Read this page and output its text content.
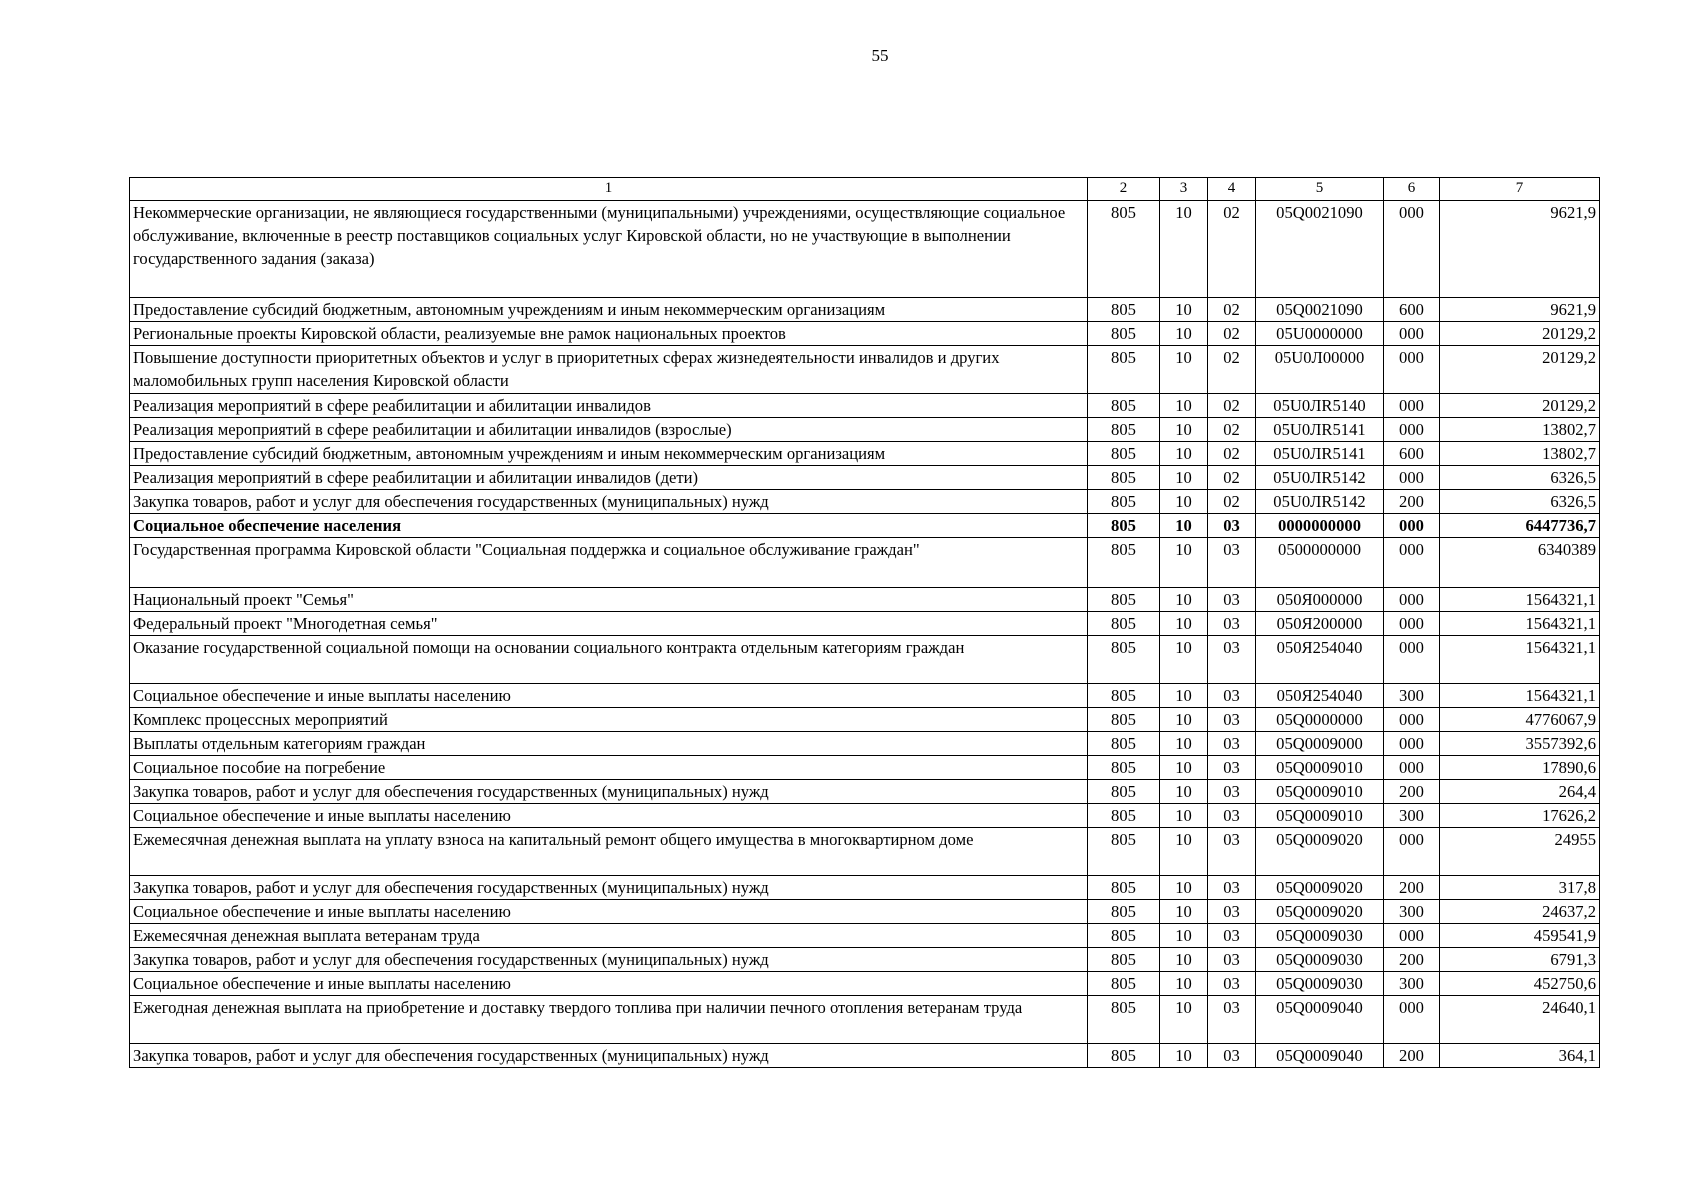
55
1	2	3	4	5	6	7
Некоммерческие организации, не являющиеся государственными (муниципальными) учреждениями, осуществляющие социальное обслуживание, включенные в реестр поставщиков социальных услуг Кировской области, но не участвующие в выполнении государственного задания (заказа)	805	10	02	05Q0021090	000	9621,9
Предоставление субсидий бюджетным, автономным учреждениям и иным некоммерческим организациям	805	10	02	05Q0021090	600	9621,9
Региональные проекты Кировской области, реализуемые вне рамок национальных проектов	805	10	02	05U0000000	000	20129,2
Повышение доступности приоритетных объектов и услуг в приоритетных сферах жизнедеятельности инвалидов и других маломобильных групп населения Кировской области	805	10	02	05U0Л00000	000	20129,2
Реализация мероприятий в сфере реабилитации и абилитации инвалидов	805	10	02	05U0ЛR5140	000	20129,2
Реализация мероприятий в сфере реабилитации и абилитации инвалидов (взрослые)	805	10	02	05U0ЛR5141	000	13802,7
Предоставление субсидий бюджетным, автономным учреждениям и иным некоммерческим организациям	805	10	02	05U0ЛR5141	600	13802,7
Реализация мероприятий в сфере реабилитации и абилитации инвалидов (дети)	805	10	02	05U0ЛR5142	000	6326,5
Закупка товаров, работ и услуг для обеспечения государственных (муниципальных) нужд	805	10	02	05U0ЛR5142	200	6326,5
Социальное обеспечение населения	805	10	03	0000000000	000	6447736,7
Государственная программа Кировской области "Социальная поддержка и социальное обслуживание граждан"	805	10	03	0500000000	000	6340389
Национальный проект "Семья"	805	10	03	050Я000000	000	1564321,1
Федеральный проект "Многодетная семья"	805	10	03	050Я200000	000	1564321,1
Оказание государственной социальной помощи на основании социального контракта отдельным категориям граждан	805	10	03	050Я254040	000	1564321,1
Социальное обеспечение и иные выплаты населению	805	10	03	050Я254040	300	1564321,1
Комплекс процессных мероприятий	805	10	03	05Q0000000	000	4776067,9
Выплаты отдельным категориям граждан	805	10	03	05Q0009000	000	3557392,6
Социальное пособие на погребение	805	10	03	05Q0009010	000	17890,6
Закупка товаров, работ и услуг для обеспечения государственных (муниципальных) нужд	805	10	03	05Q0009010	200	264,4
Социальное обеспечение и иные выплаты населению	805	10	03	05Q0009010	300	17626,2
Ежемесячная денежная выплата на уплату взноса на капитальный ремонт общего имущества в многоквартирном доме	805	10	03	05Q0009020	000	24955
Закупка товаров, работ и услуг для обеспечения государственных (муниципальных) нужд	805	10	03	05Q0009020	200	317,8
Социальное обеспечение и иные выплаты населению	805	10	03	05Q0009020	300	24637,2
Ежемесячная денежная выплата ветеранам труда	805	10	03	05Q0009030	000	459541,9
Закупка товаров, работ и услуг для обеспечения государственных (муниципальных) нужд	805	10	03	05Q0009030	200	6791,3
Социальное обеспечение и иные выплаты населению	805	10	03	05Q0009030	300	452750,6
Ежегодная денежная выплата на приобретение и доставку твердого топлива при наличии печного отопления ветеранам труда	805	10	03	05Q0009040	000	24640,1
Закупка товаров, работ и услуг для обеспечения государственных (муниципальных) нужд	805	10	03	05Q0009040	200	364,1
